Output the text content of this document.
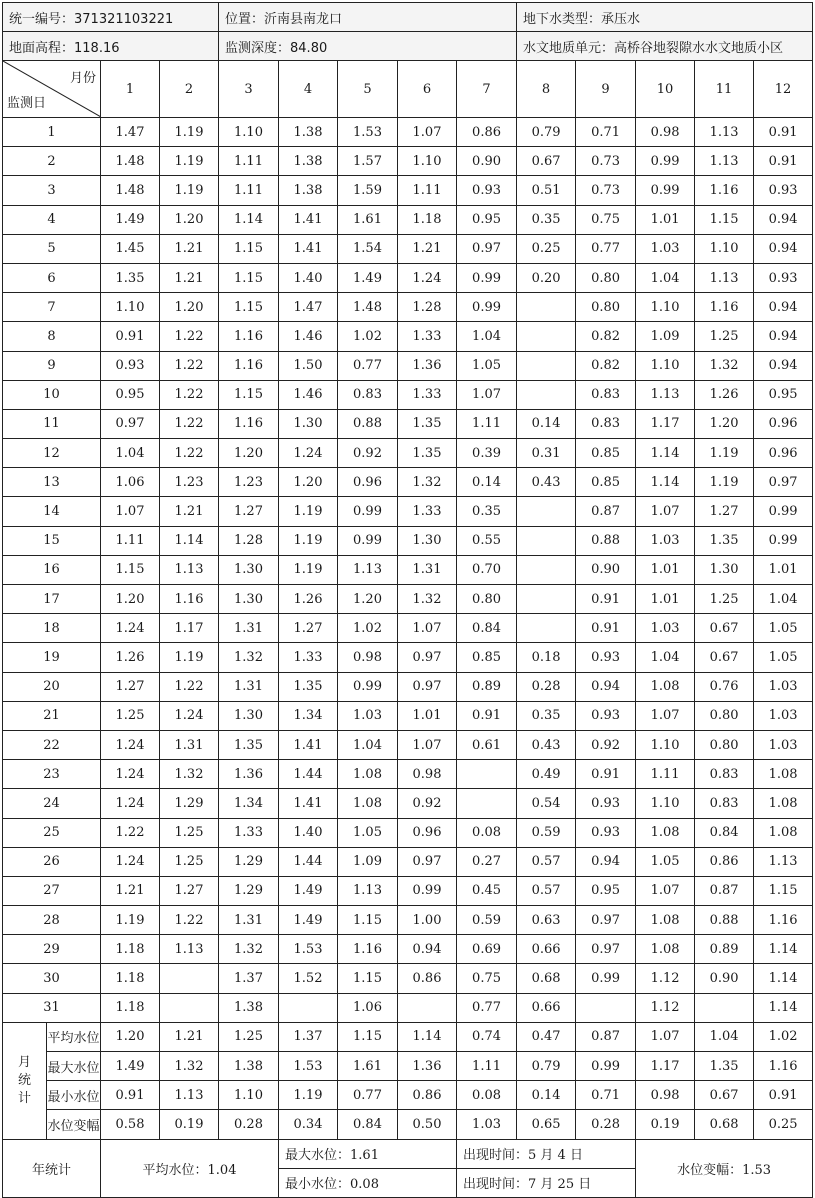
统一编号：371321103221				位置：沂南县南龙口					地下水类型：承压水				
地面高程：118.16				监测深度：84.80					水文地质单元：高桥谷地裂隙水水文地质小区				

月份
监测日		1	2	3	4	5	6	7	8	9	10	11	12
1		1.47	1.19	1.10	1.38	1.53	1.07	0.86	0.79	0.71	0.98	1.13	0.91
2		1.48	1.19	1.11	1.38	1.57	1.10	0.90	0.67	0.73	0.99	1.13	0.91
3		1.48	1.19	1.11	1.38	1.59	1.11	0.93	0.51	0.73	0.99	1.16	0.93
4		1.49	1.20	1.14	1.41	1.61	1.18	0.95	0.35	0.75	1.01	1.15	0.94
5		1.45	1.21	1.15	1.41	1.54	1.21	0.97	0.25	0.77	1.03	1.10	0.94
6		1.35	1.21	1.15	1.40	1.49	1.24	0.99	0.20	0.80	1.04	1.13	0.93
7		1.10	1.20	1.15	1.47	1.48	1.28	0.99		0.80	1.10	1.16	0.94
8		0.91	1.22	1.16	1.46	1.02	1.33	1.04		0.82	1.09	1.25	0.94
9		0.93	1.22	1.16	1.50	0.77	1.36	1.05		0.82	1.10	1.32	0.94
10		0.95	1.22	1.15	1.46	0.83	1.33	1.07		0.83	1.13	1.26	0.95
11		0.97	1.22	1.16	1.30	0.88	1.35	1.11	0.14	0.83	1.17	1.20	0.96
12		1.04	1.22	1.20	1.24	0.92	1.35	0.39	0.31	0.85	1.14	1.19	0.96
13		1.06	1.23	1.23	1.20	0.96	1.32	0.14	0.43	0.85	1.14	1.19	0.97
14		1.07	1.21	1.27	1.19	0.99	1.33	0.35		0.87	1.07	1.27	0.99
15		1.11	1.14	1.28	1.19	0.99	1.30	0.55		0.88	1.03	1.35	0.99
16		1.15	1.13	1.30	1.19	1.13	1.31	0.70		0.90	1.01	1.30	1.01
17		1.20	1.16	1.30	1.26	1.20	1.32	0.80		0.91	1.01	1.25	1.04
18		1.24	1.17	1.31	1.27	1.02	1.07	0.84		0.91	1.03	0.67	1.05
19		1.26	1.19	1.32	1.33	0.98	0.97	0.85	0.18	0.93	1.04	0.67	1.05
20		1.27	1.22	1.31	1.35	0.99	0.97	0.89	0.28	0.94	1.08	0.76	1.03
21		1.25	1.24	1.30	1.34	1.03	1.01	0.91	0.35	0.93	1.07	0.80	1.03
22		1.24	1.31	1.35	1.41	1.04	1.07	0.61	0.43	0.92	1.10	0.80	1.03
23		1.24	1.32	1.36	1.44	1.08	0.98		0.49	0.91	1.11	0.83	1.08
24		1.24	1.29	1.34	1.41	1.08	0.92		0.54	0.93	1.10	0.83	1.08
25		1.22	1.25	1.33	1.40	1.05	0.96	0.08	0.59	0.93	1.08	0.84	1.08
26		1.24	1.25	1.29	1.44	1.09	0.97	0.27	0.57	0.94	1.05	0.86	1.13
27		1.21	1.27	1.29	1.49	1.13	0.99	0.45	0.57	0.95	1.07	0.87	1.15
28		1.19	1.22	1.31	1.49	1.15	1.00	0.59	0.63	0.97	1.08	0.88	1.16
29		1.18	1.13	1.32	1.53	1.16	0.94	0.69	0.66	0.97	1.08	0.89	1.14
30		1.18		1.37	1.52	1.15	0.86	0.75	0.68	0.99	1.12	0.90	1.14
31		1.18		1.38		1.06		0.77	0.66		1.12		1.14
月统计	平均水位	1.20	1.21	1.25	1.37	1.15	1.14	0.74	0.47	0.87	1.07	1.04	1.02
	最大水位	1.49	1.32	1.38	1.53	1.61	1.36	1.11	0.79	0.99	1.17	1.35	1.16
	最小水位	0.91	1.13	1.10	1.19	0.77	0.86	0.08	0.14	0.71	0.98	0.67	0.91
	水位变幅	0.58	0.19	0.28	0.34	0.84	0.50	1.03	0.65	0.28	0.19	0.68	0.25
年统计		平均水位：1.04			最大水位：1.61			出现时间：5 月 4 日			水位变幅：1.53		
					最小水位：0.08			出现时间：7 月 25 日					
